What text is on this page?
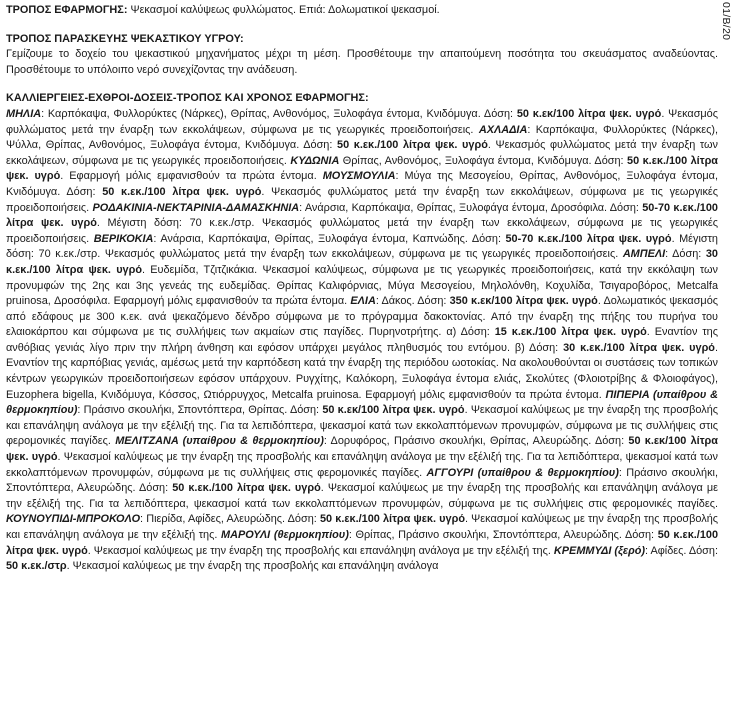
01/B/20

ΤΡΟΠΟΣ ΕΦΑΡΜΟΓΗΣ: Ψεκασμοί καλύψεως φυλλώματος. Επιά: Δολωματικοί ψεκασμοί.

ΤΡΟΠΟΣ ΠΑΡΑΣΚΕΥΗΣ ΨΕΚΑΣΤΙΚΟΥ ΥΓΡΟΥ:

Γεμίζουμε το δοχείο του ψεκαστικού μηχανήματος μέχρι τη μέση. Προσθέτουμε την απαιτούμενη ποσότητα του σκευάσματος αναδεύοντας. Προσθέτουμε το υπόλοιπο νερό συνεχίζοντας την ανάδευση.

ΚΑΛΛΙΕΡΓΕΙΕΣ-ΕΧΘΡΟΙ-ΔΟΣΕΙΣ-ΤΡΟΠΟΣ ΚΑΙ ΧΡΟΝΟΣ ΕΦΑΡΜΟΓΗΣ:

ΜΗΛΙΑ: Καρπόκαψα, Φυλλορύκτες (Νάρκες), Θρίπας, Ανθονόμος, Ξυλοφάγα έντομα, Κνιδόμυγα. Δόση: 50 κ.εκ/100 λίτρα ψεκ. υγρό. Ψεκασμός φυλλώματος μετά την έναρξη των εκκολάψεων, σύμφωνα με τις γεωργικές προειδοποιήσεις. ΑΧΛΑΔΙΑ: Καρπόκαψα, Φυλλορύκτες (Νάρκες), Ψύλλα, Θρίπας, Ανθονόμος, Ξυλοφάγα έντομα, Κνιδόμυγα. Δόση: 50 κ.εκ./100 λίτρα ψεκ. υγρό. Ψεκασμός φυλλώματος μετά την έναρξη των εκκολάψεων, σύμφωνα με τις γεωργικές προειδοποιήσεις. ΚΥΔΩΝΙΑ Θρίπας, Ανθονόμος, Ξυλοφάγα έντομα, Κνιδόμυγα. Δόση: 50 κ.εκ./100 λίτρα ψεκ. υγρό. Εφαρμογή μόλις εμφανισθούν τα πρώτα έντομα. ΜΟΥΣΜΟΥΛΙΑ: Μύγα της Μεσογείου, Θρίπας, Ανθονόμος, Ξυλοφάγα έντομα, Κνιδόμυγα. Δόση: 50 κ.εκ./100 λίτρα ψεκ. υγρό. Ψεκασμός φυλλώματος μετά την έναρξη των εκκολάψεων, σύμφωνα με τις γεωργικές προειδοποιήσεις. ΡΟΔΑΚΙΝΙΑ-ΝΕΚΤΑΡΙΝΙΑ-ΔΑΜΑΣΚΗΝΙΑ: Ανάρσια, Καρπόκαψα, Θρίπας, Ξυλοφάγα έντομα, Δροσόφιλα. Δόση: 50-70 κ.εκ./100 λίτρα ψεκ. υγρό. Μέγιστη δόση: 70 κ.εκ./στρ. Ψεκασμός φυλλώματος μετά την έναρξη των εκκολάψεων, σύμφωνα με τις γεωργικές προειδοποιήσεις. ΒΕΡΙΚΟΚΙΑ: Ανάρσια, Καρπόκαψα, Θρίπας, Ξυλοφάγα έντομα, Καπνώδης. Δόση: 50-70 κ.εκ./100 λίτρα ψεκ. υγρό. Μέγιστη δόση: 70 κ.εκ./στρ. Ψεκασμός φυλλώματος μετά την έναρξη των εκκολάψεων, σύμφωνα με τις γεωργικές προειδοποιήσεις. ΑΜΠΕΛΙ: Δόση: 30 κ.εκ./100 λίτρα ψεκ. υγρό. Ευδεμίδα, Τζιτζικάκια. Ψεκασμοί καλύψεως, σύμφωνα με τις γεωργικές προειδοποιήσεις, κατά την εκκόλαψη των προνυμφών της 2ης και 3ης γενεάς της ευδεμίδας. Θρίπας Καλιφόρνιας, Μύγα Μεσογείου, Μηλολόνθη, Κοχυλίδα, Τσιγαροβόρος, Metcalfa pruinosa, Δροσόφιλα. Εφαρμογή μόλις εμφανισθούν τα πρώτα έντομα. ΕΛΙΑ: Δάκος. Δόση: 350 κ.εκ/100 λίτρα ψεκ. υγρό. Δολωματικός ψεκασμός από εδάφους με 300 κ.εκ. ανά ψεκαζόμενο δένδρο σύμφωνα με το πρόγραμμα δακοκτονίας. Από την έναρξη της πήξης του πυρήνα του ελαιοκάρπου και σύμφωνα με τις συλλήψεις των ακμαίων στις παγίδες. Πυρηνοτρήτης. α) Δόση: 15 κ.εκ./100 λίτρα ψεκ. υγρό. Εναντίον της ανθόβιας γενιάς λίγο πριν την πλήρη άνθηση και εφόσον υπάρχει μεγάλος πληθυσμός του εντόμου. β) Δόση: 30 κ.εκ./100 λίτρα ψεκ. υγρό. Εναντίον της καρπόβιας γενιάς, αμέσως μετά την καρπόδεση κατά την έναρξη της περιόδου ωοτοκίας. Να ακολουθούνται οι συστάσεις των τοπικών κέντρων γεωργικών προειδοποιήσεων εφόσον υπάρχουν. Ρυγχίτης, Καλόκορη, Ξυλοφάγα έντομα ελιάς, Σκολύτες (Φλοιοτρίβης & Φλοιοφάγος), Euzophera bigella, Κνιδόμυγα, Κόσσος, Ωτιόρρυγχος, Metcalfa pruinosa. Εφαρμογή μόλις εμφανισθούν τα πρώτα έντομα. ΠΙΠΕΡΙΑ (υπαίθρου & θερμοκηπίου): Πράσινο σκουλήκι, Σποντόπτερα, Θρίπας. Δόση: 50 κ.εκ/100 λίτρα ψεκ. υγρό. Ψεκασμοί καλύψεως με την έναρξη της προσβολής και επανάληψη ανάλογα με την εξέλιξή της. Για τα λεπιδόπτερα, ψεκασμοί κατά των εκκολαπτόμενων προνυμφών, σύμφωνα με τις συλλήψεις στις φερομονικές παγίδες. ΜΕΛΙΤΖΑΝΑ (υπαίθρου & θερμοκηπίου): Δορυφόρος, Πράσινο σκουλήκι, Θρίπας, Αλευρώδης. Δόση: 50 κ.εκ/100 λίτρα ψεκ. υγρό. Ψεκασμοί καλύψεως με την έναρξη της προσβολής και επανάληψη ανάλογα με την εξέλιξή της. Για τα λεπιδόπτερα, ψεκασμοί κατά των εκκολαπτόμενων προνυμφών, σύμφωνα με τις συλλήψεις στις φερομονικές παγίδες. ΑΓΓΟΥΡΙ (υπαίθρου & θερμοκηπίου): Πράσινο σκουλήκι, Σποντόπτερα, Αλευρώδης. Δόση: 50 κ.εκ./100 λίτρα ψεκ. υγρό. Ψεκασμοί καλύψεως με την έναρξη της προσβολής και επανάληψη ανάλογα με την εξέλιξή της. Για τα λεπιδόπτερα, ψεκασμοί κατά των εκκολαπτόμενων προνυμφών, σύμφωνα με τις συλλήψεις στις φερομονικές παγίδες. ΚΟΥΝΟΥΠΙΔΙ-ΜΠΡΟΚΟΛΟ: Πιερίδα, Αφίδες, Αλευρώδης. Δόση: 50 κ.εκ./100 λίτρα ψεκ. υγρό. Ψεκασμοί καλύψεως με την έναρξη της προσβολής και επανάληψη ανάλογα με την εξέλιξή της. ΜΑΡΟΥΛΙ (θερμοκηπίου): Θρίπας, Πράσινο σκουλήκι, Σποντόπτερα, Αλευρώδης. Δόση: 50 κ.εκ./100 λίτρα ψεκ. υγρό. Ψεκασμοί καλύψεως με την έναρξη της προσβολής και επανάληψη ανάλογα με την εξέλιξή της. ΚΡΕΜΜΥΔΙ (ξερό): Αφίδες. Δόση: 50 κ.εκ./στρ. Ψεκασμοί καλύψεως με την έναρξη της προσβολής και επανάληψη ανάλογα
